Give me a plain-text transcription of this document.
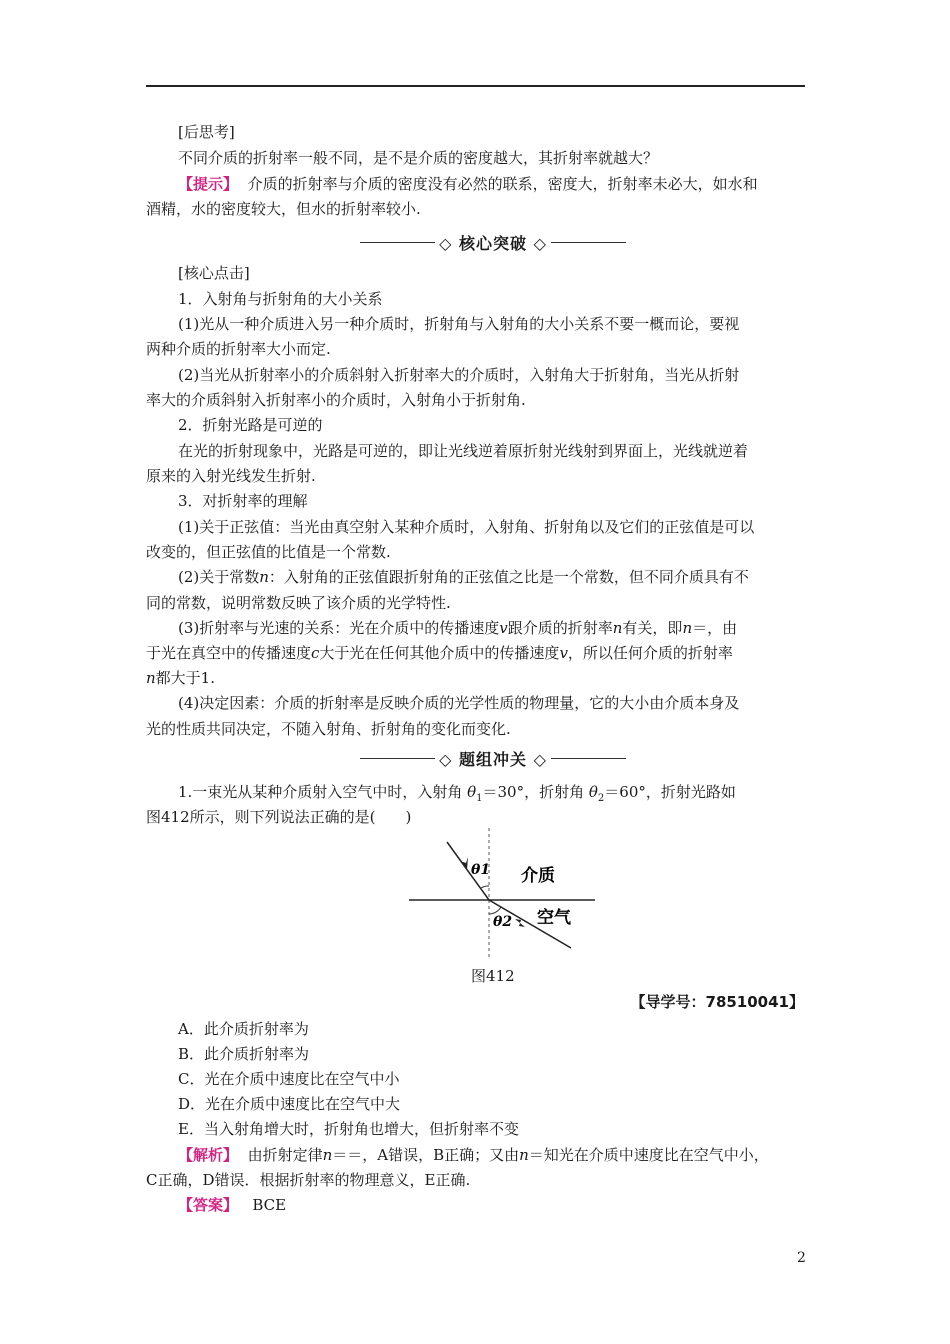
[后思考]
不同介质的折射率一般不同，是不是介质的密度越大，其折射率就越大？
【提示】 介质的折射率与介质的密度没有必然的联系，密度大，折射率未必大，如水和
酒精，水的密度较大，但水的折射率较小.
◇ 核心突破 ◇
[核心点击]
1．入射角与折射角的大小关系
(1)光从一种介质进入另一种介质时，折射角与入射角的大小关系不要一概而论，要视
两种介质的折射率大小而定.
(2)当光从折射率小的介质斜射入折射率大的介质时，入射角大于折射角，当光从折射
率大的介质斜射入折射率小的介质时，入射角小于折射角.
2．折射光路是可逆的
在光的折射现象中，光路是可逆的，即让光线逆着原折射光线射到界面上，光线就逆着
原来的入射光线发生折射.
3．对折射率的理解
(1)关于正弦值：当光由真空射入某种介质时，入射角、折射角以及它们的正弦值是可以
改变的，但正弦值的比值是一个常数.
(2)关于常数n：入射角的正弦值跟折射角的正弦值之比是一个常数，但不同介质具有不
同的常数，说明常数反映了该介质的光学特性.
(3)折射率与光速的关系：光在介质中的传播速度v跟介质的折射率n有关，即n＝，由
于光在真空中的传播速度c大于光在任何其他介质中的传播速度v，所以任何介质的折射率
n都大于1.
(4)决定因素：介质的折射率是反映介质的光学性质的物理量，它的大小由介质本身及
光的性质共同决定，不随入射角、折射角的变化而变化.
◇ 题组冲关 ◇
1.一束光从某种介质射入空气中时，入射角 $\theta_1=30^\circ$，折射角 $\theta_2=60^\circ$，折射光路如
图412所示，则下列说法正确的是(　　)
θ1
θ2
介质
空气
图412
【导学号：78510041】
A．此介质折射率为
B．此介质折射率为
C．光在介质中速度比在空气中小
D．光在介质中速度比在空气中大
E．当入射角增大时，折射角也增大，但折射率不变
【解析】 由折射定律n＝＝，A错误，B正确；又由n＝知光在介质中速度比在空气中小，
C正确，D错误．根据折射率的物理意义，E正确.
【答案】 BCE
2
